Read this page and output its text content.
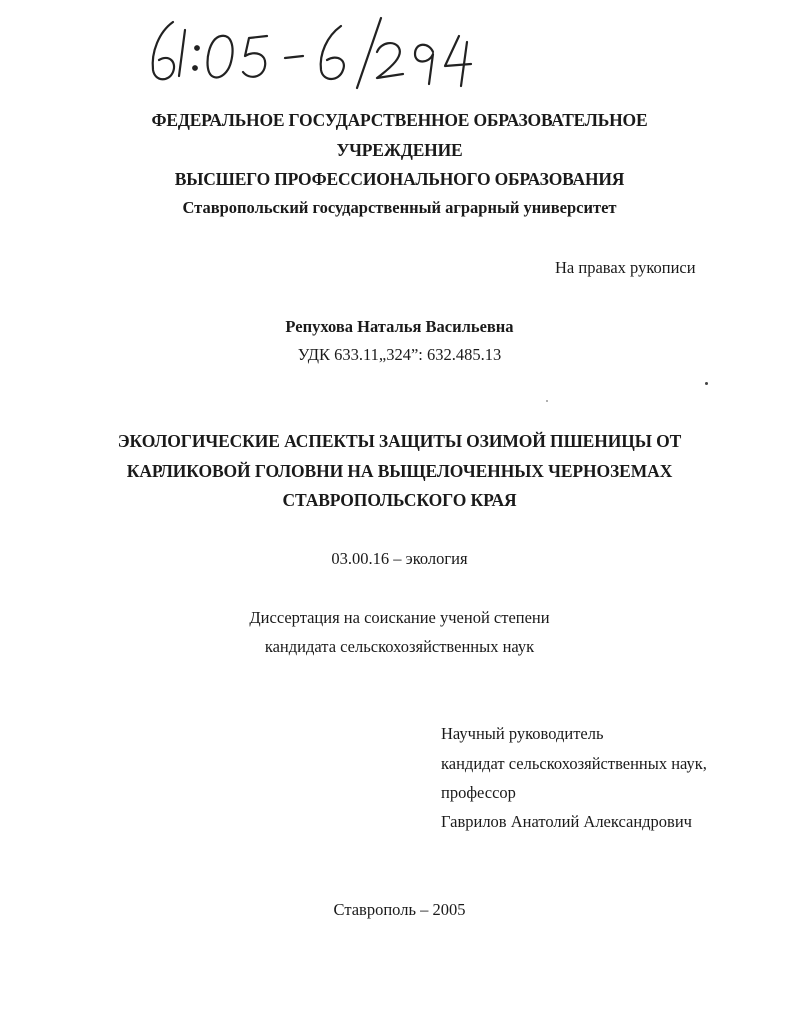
ФЕДЕРАЛЬНОЕ ГОСУДАРСТВЕННОЕ ОБРАЗОВАТЕЛЬНОЕ
УЧРЕЖДЕНИЕ
ВЫСШЕГО ПРОФЕССИОНАЛЬНОГО ОБРАЗОВАНИЯ
Ставропольский государственный аграрный университет
На правах рукописи
Репухова Наталья Васильевна
УДК 633.11„324”: 632.485.13
ЭКОЛОГИЧЕСКИЕ АСПЕКТЫ ЗАЩИТЫ ОЗИМОЙ ПШЕНИЦЫ ОТ
КАРЛИКОВОЙ ГОЛОВНИ НА ВЫЩЕЛОЧЕННЫХ ЧЕРНОЗЕМАХ
СТАВРОПОЛЬСКОГО КРАЯ
03.00.16 – экология
Диссертация на соискание ученой степени
кандидата сельскохозяйственных наук
Научный руководитель
кандидат сельскохозяйственных наук,
профессор
Гаврилов Анатолий Александрович
Ставрополь – 2005
